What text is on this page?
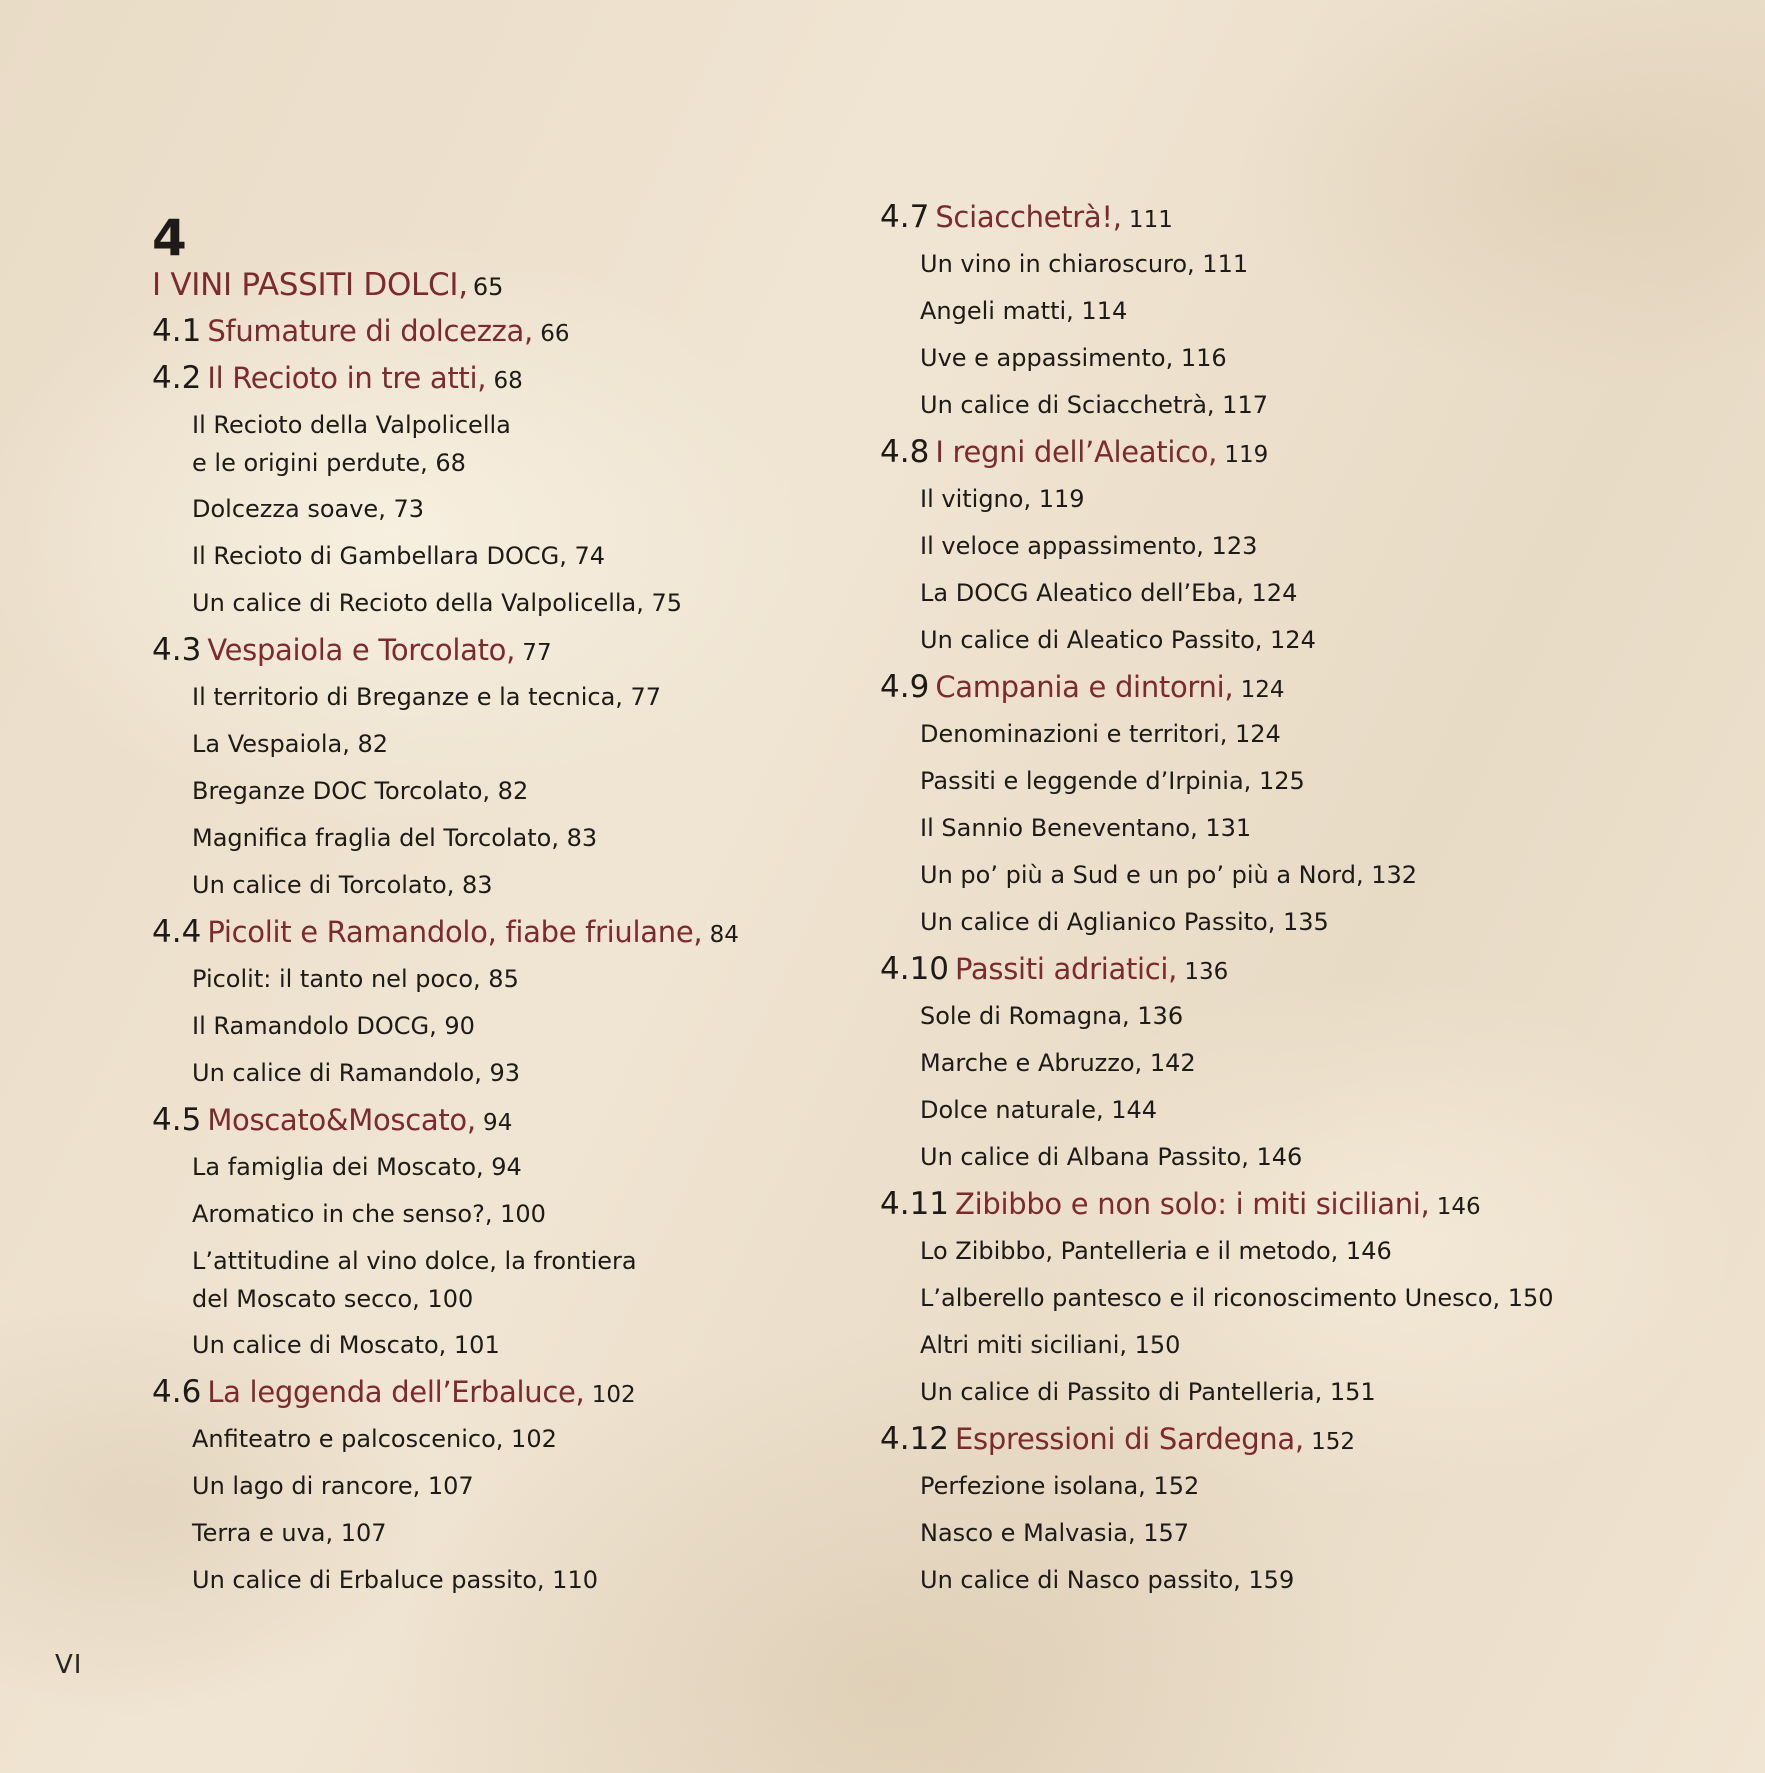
4
I VINI PASSITI DOLCI, 65
4.1 Sfumature di dolcezza, 66
4.2 Il Recioto in tre atti, 68
Il Recioto della Valpolicella
e le origini perdute, 68
Dolcezza soave, 73
Il Recioto di Gambellara DOCG, 74
Un calice di Recioto della Valpolicella, 75
4.3 Vespaiola e Torcolato, 77
Il territorio di Breganze e la tecnica, 77
La Vespaiola, 82
Breganze DOC Torcolato, 82
Magnifica fraglia del Torcolato, 83
Un calice di Torcolato, 83
4.4 Picolit e Ramandolo, fiabe friulane, 84
Picolit: il tanto nel poco, 85
Il Ramandolo DOCG, 90
Un calice di Ramandolo, 93
4.5 Moscato&Moscato, 94
La famiglia dei Moscato, 94
Aromatico in che senso?, 100
L’attitudine al vino dolce, la frontiera
del Moscato secco, 100
Un calice di Moscato, 101
4.6 La leggenda dell’Erbaluce, 102
Anfiteatro e palcoscenico, 102
Un lago di rancore, 107
Terra e uva, 107
Un calice di Erbaluce passito, 110
4.7 Sciacchetrà!, 111
Un vino in chiaroscuro, 111
Angeli matti, 114
Uve e appassimento, 116
Un calice di Sciacchetrà, 117
4.8 I regni dell’Aleatico, 119
Il vitigno, 119
Il veloce appassimento, 123
La DOCG Aleatico dell’Eba, 124
Un calice di Aleatico Passito, 124
4.9 Campania e dintorni, 124
Denominazioni e territori, 124
Passiti e leggende d’Irpinia, 125
Il Sannio Beneventano, 131
Un po’ più a Sud e un po’ più a Nord, 132
Un calice di Aglianico Passito, 135
4.10 Passiti adriatici, 136
Sole di Romagna, 136
Marche e Abruzzo, 142
Dolce naturale, 144
Un calice di Albana Passito, 146
4.11 Zibibbo e non solo: i miti siciliani, 146
Lo Zibibbo, Pantelleria e il metodo, 146
L’alberello pantesco e il riconoscimento Unesco, 150
Altri miti siciliani, 150
Un calice di Passito di Pantelleria, 151
4.12 Espressioni di Sardegna, 152
Perfezione isolana, 152
Nasco e Malvasia, 157
Un calice di Nasco passito, 159
VI
